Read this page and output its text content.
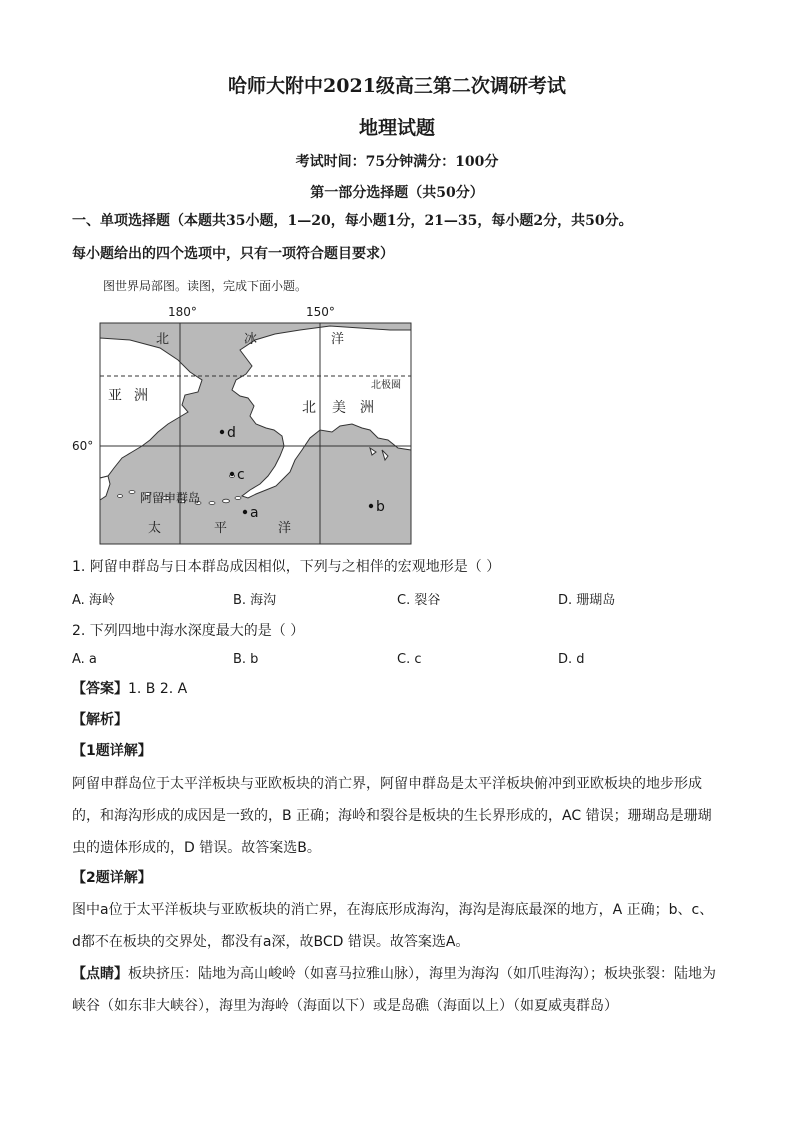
哈师大附中2021级高三第二次调研考试
地理试题
考试时间：75分钟满分：100分
第一部分选择题（共50分）
一、单项选择题（本题共35小题，1—20，每小题1分，21—35，每小题2分，共50分。
每小题给出的四个选项中，只有一项符合题目要求）
图世界局部图。读图，完成下面小题。
180°	150°
60°
北极圈
北	冰	洋
亚 洲
北 美 洲
阿留申群岛
太	平	洋
d
c
a	b
1. 阿留申群岛与日本群岛成因相似，下列与之相伴的宏观地形是（ ）
A. 海岭	B. 海沟	C. 裂谷	D. 珊瑚岛
2. 下列四地中海水深度最大的是（ ）
A. a	B. b	C. c	D. d
【答案】1. B 2. A
【解析】
【1题详解】
阿留申群岛位于太平洋板块与亚欧板块的消亡界，阿留申群岛是太平洋板块俯冲到亚欧板块的地步形成
的，和海沟形成的成因是一致的，B 正确；海岭和裂谷是板块的生长界形成的，AC 错误；珊瑚岛是珊瑚
虫的遗体形成的，D 错误。故答案选B。
【2题详解】
图中a位于太平洋板块与亚欧板块的消亡界，在海底形成海沟，海沟是海底最深的地方，A 正确；b、c、
d都不在板块的交界处，都没有a深，故BCD 错误。故答案选A。
【点睛】板块挤压：陆地为高山峻岭（如喜马拉雅山脉），海里为海沟（如爪哇海沟）；板块张裂：陆地为
峡谷（如东非大峡谷），海里为海岭（海面以下）或是岛礁（海面以上）（如夏威夷群岛）
